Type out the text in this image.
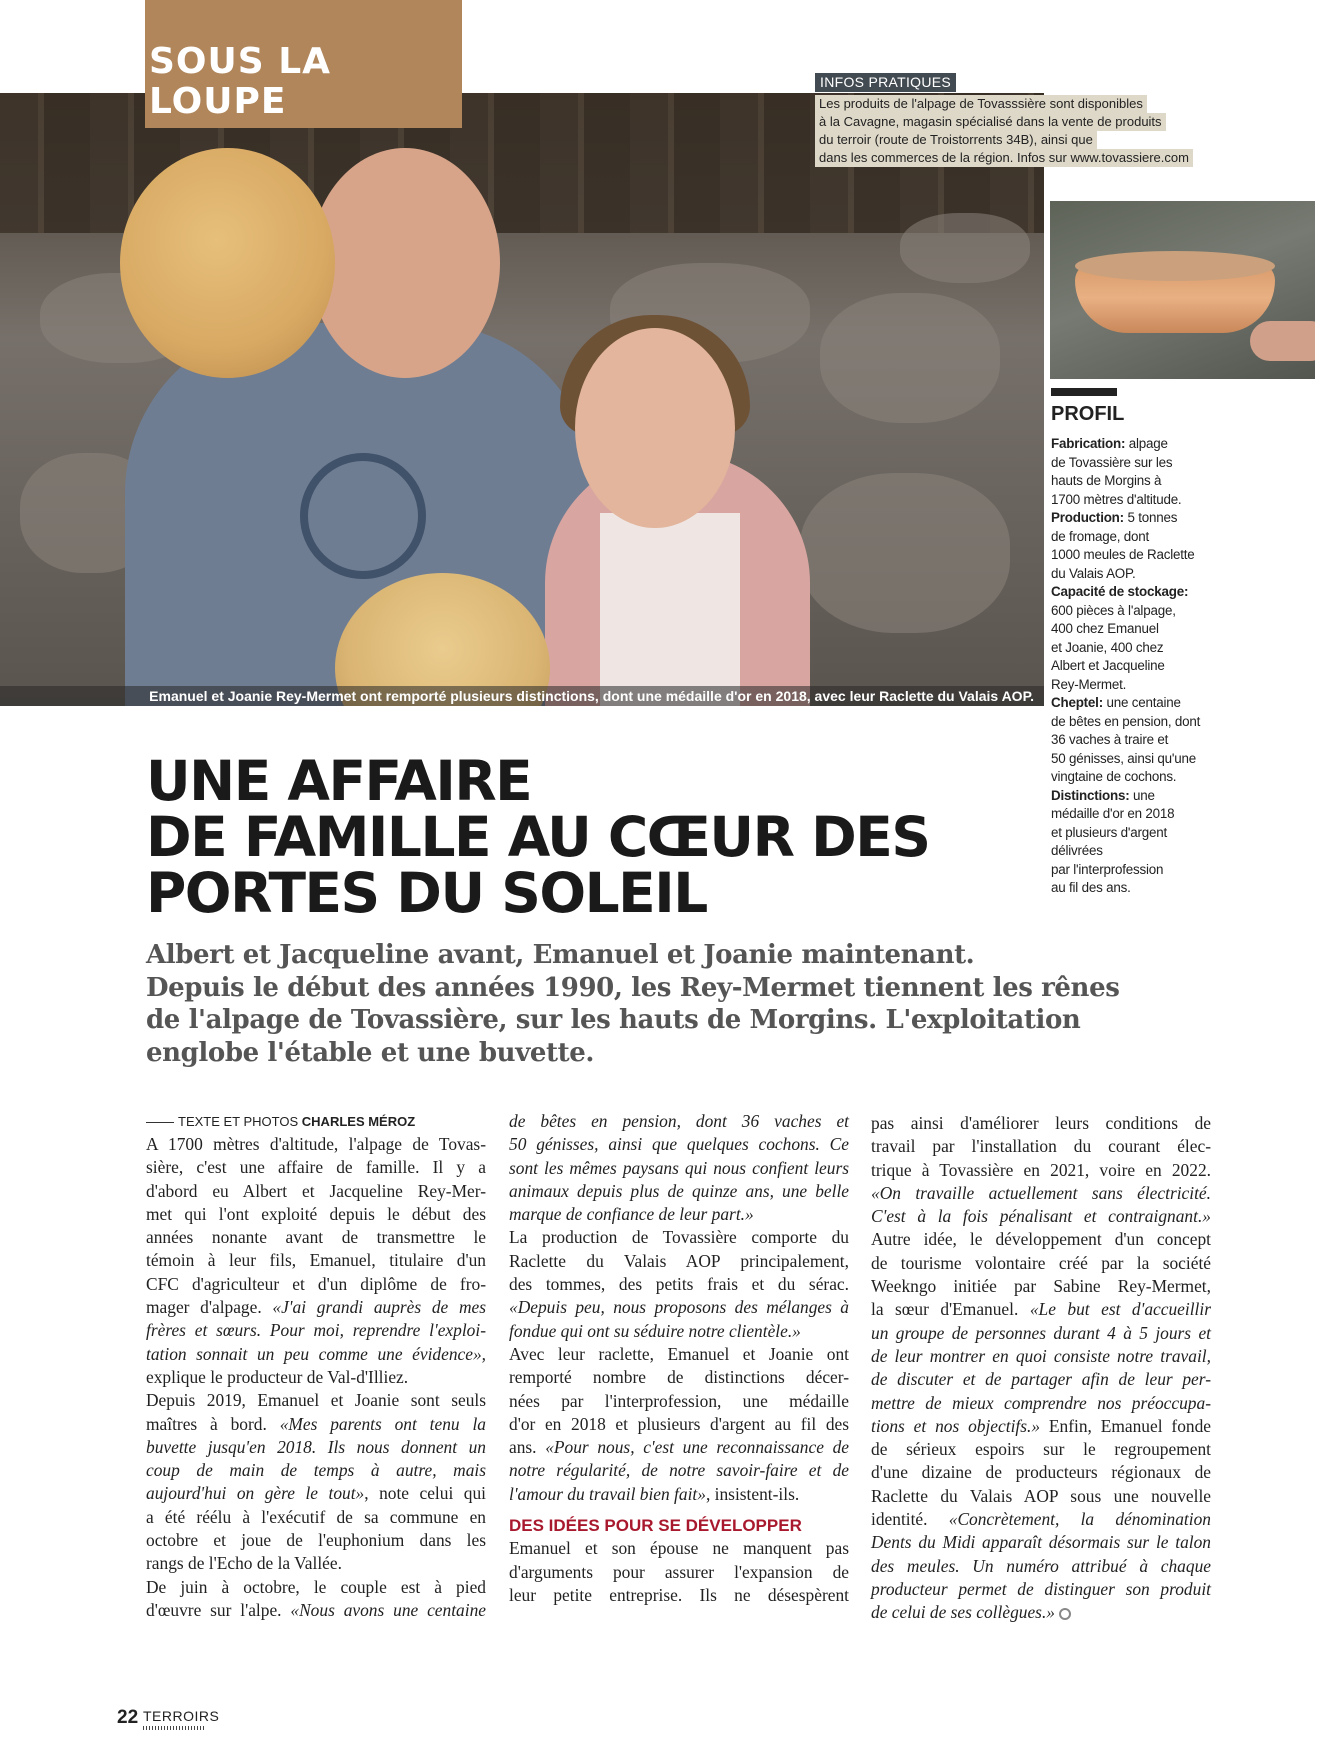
Emanuel et Joanie Rey-Mermet ont remporté plusieurs distinctions, dont une médaille d'or en 2018, avec leur Raclette du Valais AOP.
SOUS LA LOUPE	INFOS PRATIQUES
Les produits de l'alpage de Tovasssière sont disponibles
à la Cavagne, magasin spécialisé dans la vente de produits
du terroir (route de Troistorrents 34B), ainsi que
dans les commerces de la région. Infos sur www.tovassiere.com
PROFIL
Fabrication: alpage
de Tovassière sur les
hauts de Morgins à
1700 mètres d'altitude.
Production: 5 tonnes
de fromage, dont
1000 meules de Raclette
du Valais AOP.
Capacité de stockage:
600 pièces à l'alpage,
400 chez Emanuel
et Joanie, 400 chez
Albert et Jacqueline
Rey-Mermet.
Cheptel: une centaine
de bêtes en pension, dont
36 vaches à traire et
50 génisses, ainsi qu'une
vingtaine de cochons.
Distinctions: une
médaille d'or en 2018
et plusieurs d'argent
délivrées
par l'interprofession
au fil des ans.
UNE AFFAIRE
DE FAMILLE AU CŒUR DES
PORTES DU SOLEIL
Albert et Jacqueline avant, Emanuel et Joanie maintenant.
Depuis le début des années 1990, les Rey-Mermet tiennent les rênes
de l'alpage de Tovassière, sur les hauts de Morgins. L'exploitation
englobe l'étable et une buvette.
TEXTE ET PHOTOS CHARLES MÉROZ
A 1700 mètres d'altitude, l'alpage de Tovas-
sière, c'est une affaire de famille. Il y a
d'abord eu Albert et Jacqueline Rey-Mer-
met qui l'ont exploité depuis le début des
années nonante avant de transmettre le
témoin à leur fils, Emanuel, titulaire d'un
CFC d'agriculteur et d'un diplôme de fro-
mager d'alpage. «J'ai grandi auprès de mes
frères et sœurs. Pour moi, reprendre l'exploi-
tation sonnait un peu comme une évidence»,
explique le producteur de Val-d'Illiez.
Depuis 2019, Emanuel et Joanie sont seuls
maîtres à bord. «Mes parents ont tenu la
buvette jusqu'en 2018. Ils nous donnent un
coup de main de temps à autre, mais
aujourd'hui on gère le tout», note celui qui
a été réélu à l'exécutif de sa commune en
octobre et joue de l'euphonium dans les
rangs de l'Echo de la Vallée.
De juin à octobre, le couple est à pied
d'œuvre sur l'alpe. «Nous avons une centaine
de bêtes en pension, dont 36 vaches et
50 génisses, ainsi que quelques cochons. Ce
sont les mêmes paysans qui nous confient leurs
animaux depuis plus de quinze ans, une belle
marque de confiance de leur part.»
La production de Tovassière comporte du
Raclette du Valais AOP principalement,
des tommes, des petits frais et du sérac.
«Depuis peu, nous proposons des mélanges à
fondue qui ont su séduire notre clientèle.»
Avec leur raclette, Emanuel et Joanie ont
remporté nombre de distinctions décer-
nées par l'interprofession, une médaille
d'or en 2018 et plusieurs d'argent au fil des
ans. «Pour nous, c'est une reconnaissance de
notre régularité, de notre savoir-faire et de
l'amour du travail bien fait», insistent-ils.
DES IDÉES POUR SE DÉVELOPPER
Emanuel et son épouse ne manquent pas
d'arguments pour assurer l'expansion de
leur petite entreprise. Ils ne désespèrent
pas ainsi d'améliorer leurs conditions de
travail par l'installation du courant élec-
trique à Tovassière en 2021, voire en 2022.
«On travaille actuellement sans électricité.
C'est à la fois pénalisant et contraignant.»
Autre idée, le développement d'un concept
de tourisme volontaire créé par la société
Weekngo initiée par Sabine Rey-Mermet,
la sœur d'Emanuel. «Le but est d'accueillir
un groupe de personnes durant 4 à 5 jours et
de leur montrer en quoi consiste notre travail,
de discuter et de partager afin de leur per-
mettre de mieux comprendre nos préoccupa-
tions et nos objectifs.» Enfin, Emanuel fonde
de sérieux espoirs sur le regroupement
d'une dizaine de producteurs régionaux de
Raclette du Valais AOP sous une nouvelle
identité. «Concrètement, la dénomination
Dents du Midi apparaît désormais sur le talon
des meules. Un numéro attribué à chaque
producteur permet de distinguer son produit
de celui de ses collègues.»
22 TERROIRS
